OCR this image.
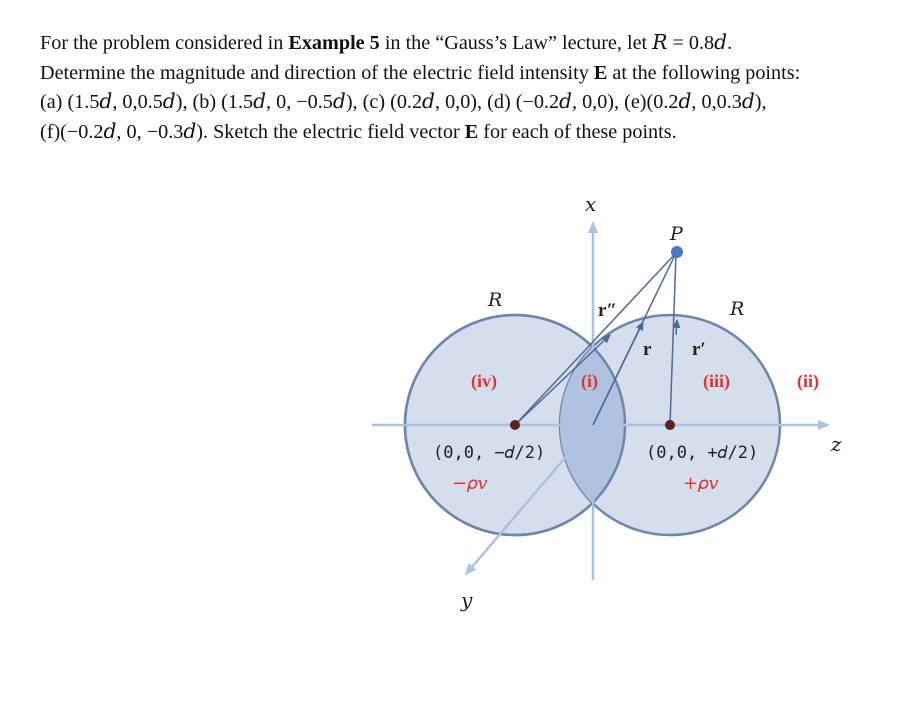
For the problem considered in Example 5 in the “Gauss’s Law” lecture, let R = 0.8d.
Determine the magnitude and direction of the electric field intensity E at the following points:
(a) (1.5𝑑, 0,0.5𝑑), (b) (1.5𝑑, 0, −0.5𝑑), (c) (0.2𝑑, 0,0), (d) (−0.2𝑑, 0,0), (e)(0.2𝑑, 0,0.3𝑑),
(f)(−0.2𝑑, 0, −0.3𝑑). Sketch the electric field vector E for each of these points.
x
y
z
P
R	R
r″
r r′
(i)	(ii)
(iii)
(iv)
(0,0, −𝑑/2)	(0,0, +𝑑/2)
−𝜌𝑣	+𝜌𝑣
